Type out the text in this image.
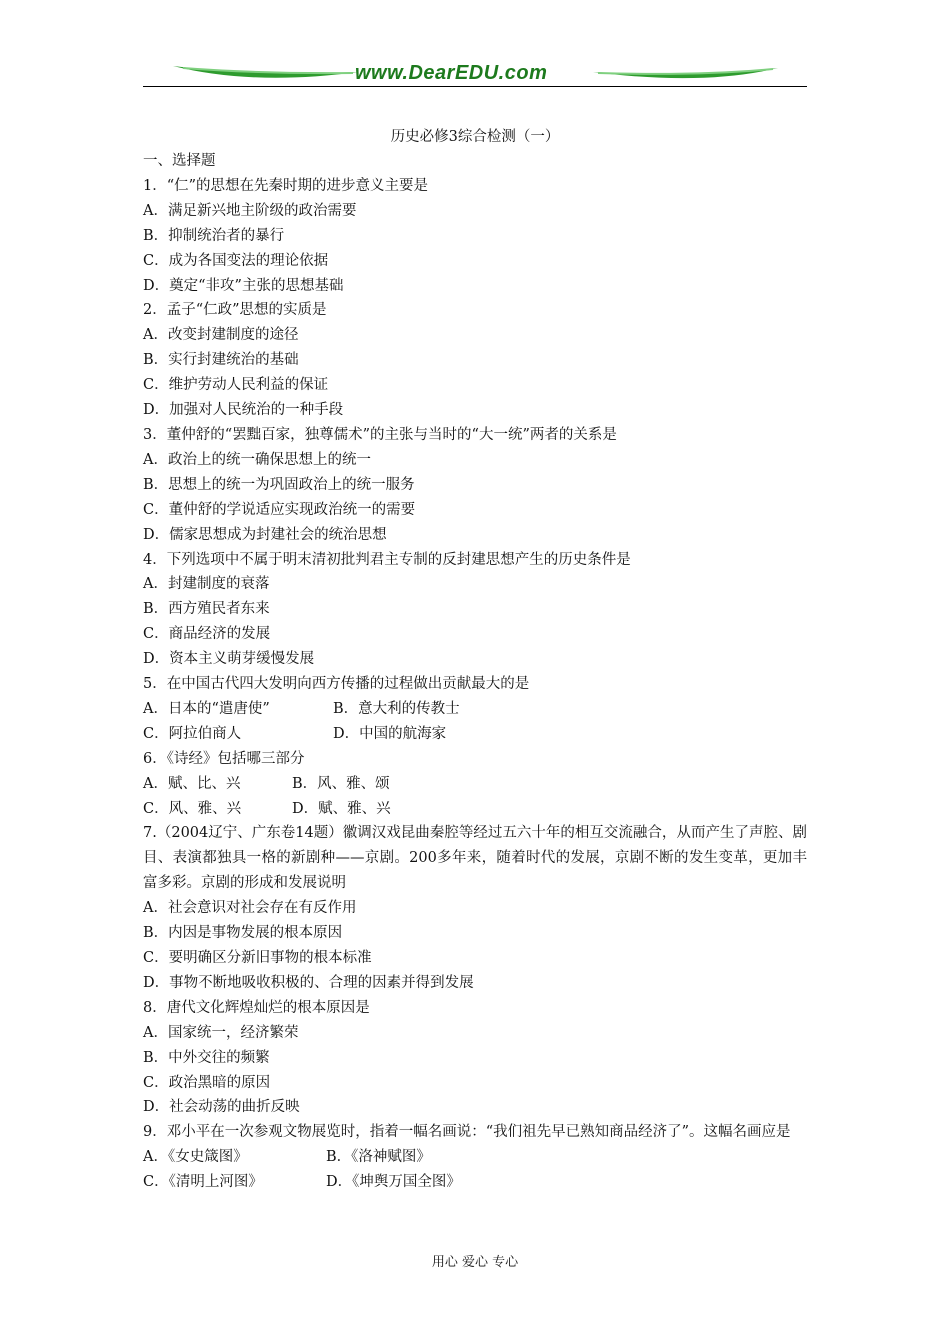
www.DearEDU.com
历史必修3综合检测（一）
一、选择题
1．“仁”的思想在先秦时期的进步意义主要是
A．满足新兴地主阶级的政治需要
B．抑制统治者的暴行
C．成为各国变法的理论依据
D．奠定“非攻”主张的思想基础
2．孟子“仁政”思想的实质是
A．改变封建制度的途径
B．实行封建统治的基础
C．维护劳动人民利益的保证
D．加强对人民统治的一种手段
3．董仲舒的“罢黜百家，独尊儒术”的主张与当时的“大一统”两者的关系是
A．政治上的统一确保思想上的统一
B．思想上的统一为巩固政治上的统一服务
C．董仲舒的学说适应实现政治统一的需要
D．儒家思想成为封建社会的统治思想
4．下列选项中不属于明末清初批判君主专制的反封建思想产生的历史条件是
A．封建制度的衰落
B．西方殖民者东来
C．商品经济的发展
D．资本主义萌芽缓慢发展
5．在中国古代四大发明向西方传播的过程做出贡献最大的是
A．日本的“遣唐使”	B．意大利的传教士
C．阿拉伯商人	D．中国的航海家
6．《诗经》包括哪三部分
A．赋、比、兴	B．风、雅、颂
C．风、雅、兴	D．赋、雅、兴
7.（2004辽宁、广东卷14题）徽调汉戏昆曲秦腔等经过五六十年的相互交流融合，从而产生了声腔、剧目、表演都独具一格的新剧种——京剧。200多年来，随着时代的发展，京剧不断的发生变革，更加丰富多彩。京剧的形成和发展说明
A．社会意识对社会存在有反作用
B．内因是事物发展的根本原因
C．要明确区分新旧事物的根本标准
D．事物不断地吸收积极的、合理的因素并得到发展
8．唐代文化辉煌灿烂的根本原因是
A．国家统一，经济繁荣
B．中外交往的频繁
C．政治黑暗的原因
D．社会动荡的曲折反映
9．邓小平在一次参观文物展览时，指着一幅名画说：“我们祖先早已熟知商品经济了”。这幅名画应是
A．《女史箴图》	B．《洛神赋图》
C．《清明上河图》	D．《坤舆万国全图》
用心 爱心 专心
